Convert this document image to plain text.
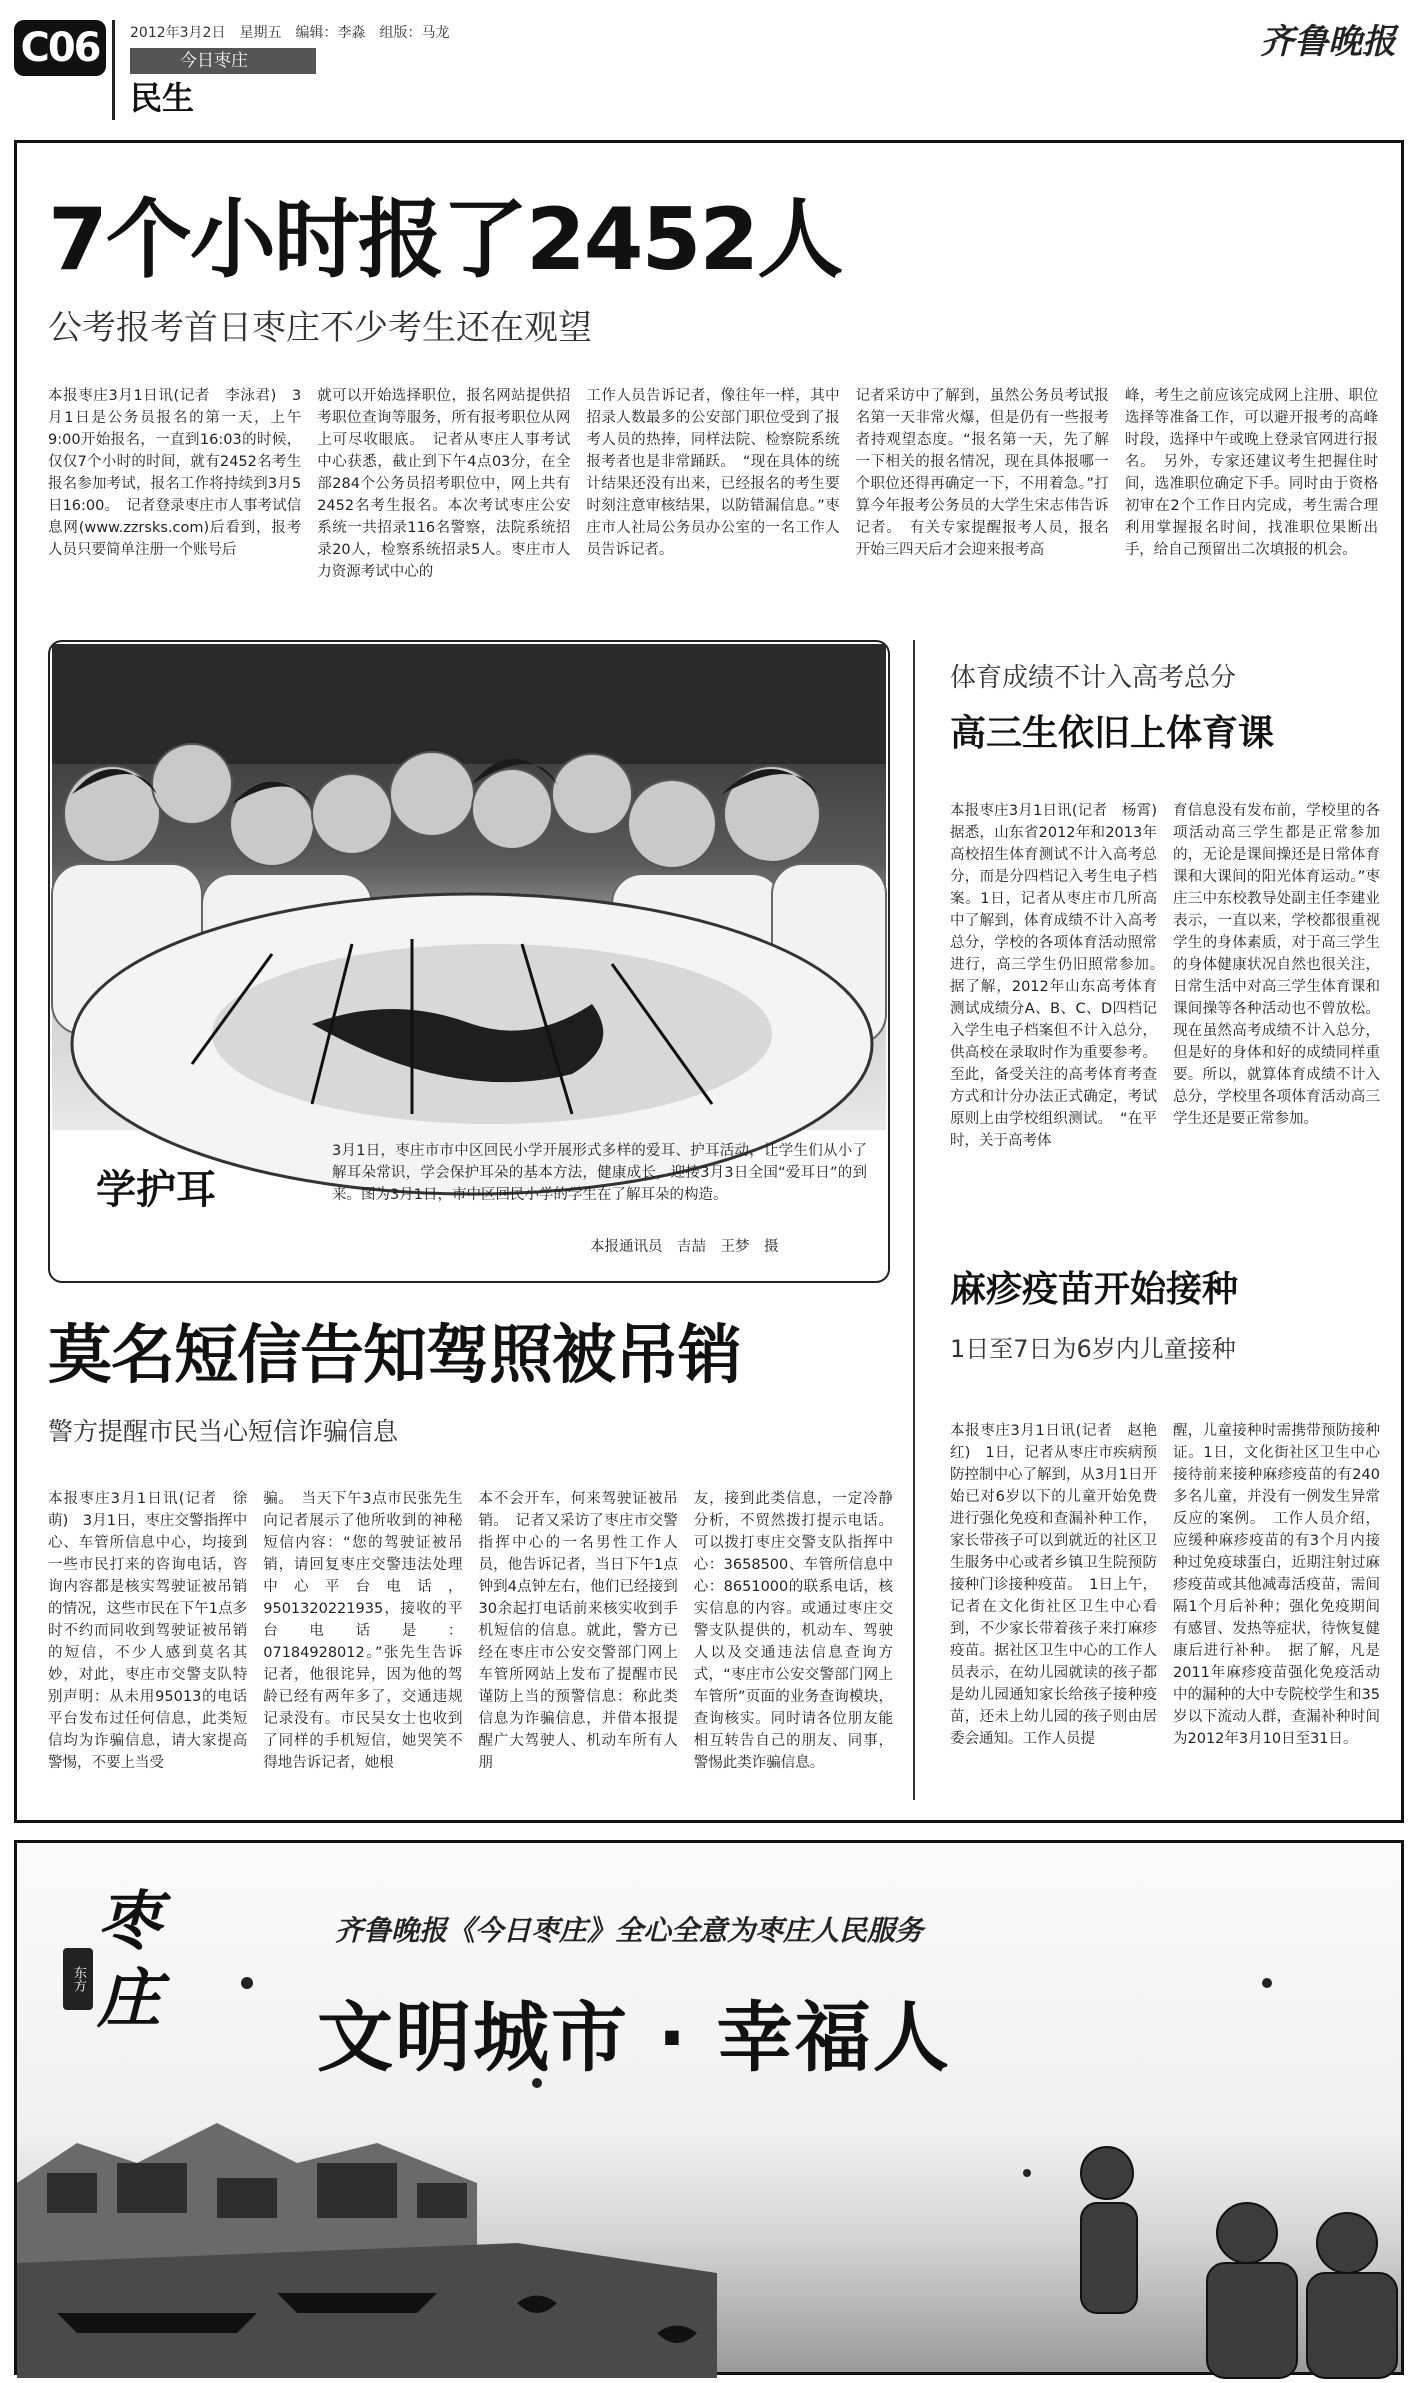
C06	2012年3月2日　星期五　编辑：李淼　组版：马龙
今日枣庄
民生
齐鲁晚报
7个小时报了2452人
公考报考首日枣庄不少考生还在观望

本报枣庄3月1日讯(记者　李泳君)　3月1日是公务员报名的第一天，上午9:00开始报名，一直到16:03的时候，仅仅7个小时的时间，就有2452名考生报名参加考试，报名工作将持续到3月5日16:00。　记者登录枣庄市人事考试信息网(www.zzrsks.com)后看到，报考人员只要简单注册一个账号后

就可以开始选择职位，报名网站提供招考职位查询等服务，所有报考职位从网上可尽收眼底。　记者从枣庄人事考试中心获悉，截止到下午4点03分，在全部284个公务员招考职位中，网上共有2452名考生报名。本次考试枣庄公安系统一共招录116名警察，法院系统招录20人，检察系统招录5人。枣庄市人力资源考试中心的

工作人员告诉记者，像往年一样，其中招录人数最多的公安部门职位受到了报考人员的热捧，同样法院、检察院系统报考者也是非常踊跃。　“现在具体的统计结果还没有出来，已经报名的考生要时刻注意审核结果，以防错漏信息。”枣庄市人社局公务员办公室的一名工作人员告诉记者。

记者采访中了解到，虽然公务员考试报名第一天非常火爆，但是仍有一些报考者持观望态度。“报名第一天，先了解一下相关的报名情况，现在具体报哪一个职位还得再确定一下，不用着急。”打算今年报考公务员的大学生宋志伟告诉记者。　有关专家提醒报考人员，报名开始三四天后才会迎来报考高

峰，考生之前应该完成网上注册、职位选择等准备工作，可以避开报考的高峰时段，选择中午或晚上登录官网进行报名。　另外，专家还建议考生把握住时间，选准职位确定下手。同时由于资格初审在2个工作日内完成，考生需合理利用掌握报名时间，找准职位果断出手，给自己预留出二次填报的机会。

学护耳
3月1日，枣庄市市中区回民小学开展形式多样的爱耳、护耳活动，让学生们从小了解耳朵常识，学会保护耳朵的基本方法，健康成长，迎接3月3日全国“爱耳日”的到来。图为3月1日，市中区回民小学的学生在了解耳朵的构造。
本报通讯员　吉喆　王梦　摄
体育成绩不计入高考总分
高三生依旧上体育课

本报枣庄3月1日讯(记者　杨霄)　据悉，山东省2012年和2013年高校招生体育测试不计入高考总分，而是分四档记入考生电子档案。1日，记者从枣庄市几所高中了解到，体育成绩不计入高考总分，学校的各项体育活动照常进行，高三学生仍旧照常参加。　据了解，2012年山东高考体育测试成绩分A、B、C、D四档记入学生电子档案但不计入总分，供高校在录取时作为重要参考。至此，备受关注的高考体育考查方式和计分办法正式确定，考试原则上由学校组织测试。　“在平时，关于高考体

育信息没有发布前，学校里的各项活动高三学生都是正常参加的，无论是课间操还是日常体育课和大课间的阳光体育运动。”枣庄三中东校教导处副主任李建业表示，一直以来，学校都很重视学生的身体素质，对于高三学生的身体健康状况自然也很关注，日常生活中对高三学生体育课和课间操等各种活动也不曾放松。现在虽然高考成绩不计入总分，但是好的身体和好的成绩同样重要。所以，就算体育成绩不计入总分，学校里各项体育活动高三学生还是要正常参加。

莫名短信告知驾照被吊销
警方提醒市民当心短信诈骗信息

本报枣庄3月1日讯(记者　徐萌)　3月1日，枣庄交警指挥中心、车管所信息中心，均接到一些市民打来的咨询电话，咨询内容都是核实驾驶证被吊销的情况，这些市民在下午1点多时不约而同收到驾驶证被吊销的短信，不少人感到莫名其妙，对此，枣庄市交警支队特别声明：从未用95013的电话平台发布过任何信息，此类短信均为诈骗信息，请大家提高警惕，不要上当受

骗。　当天下午3点市民张先生向记者展示了他所收到的神秘短信内容：“您的驾驶证被吊销，请回复枣庄交警违法处理中心平台电话，9501320221935，接收的平台电话是：07184928012。”张先生告诉记者，他很诧异，因为他的驾龄已经有两年多了，交通违规记录没有。市民吴女士也收到了同样的手机短信，她哭笑不得地告诉记者，她根

本不会开车，何来驾驶证被吊销。　记者又采访了枣庄市交警指挥中心的一名男性工作人员，他告诉记者，当日下午1点钟到4点钟左右，他们已经接到30余起打电话前来核实收到手机短信的信息。就此，警方已经在枣庄市公安交警部门网上车管所网站上发布了提醒市民谨防上当的预警信息：称此类信息为诈骗信息，并借本报提醒广大驾驶人、机动车所有人朋

友，接到此类信息，一定冷静分析，不贸然拨打提示电话。可以拨打枣庄交警支队指挥中心：3658500、车管所信息中心：8651000的联系电话，核实信息的内容。或通过枣庄交警支队提供的，机动车、驾驶人以及交通违法信息查询方式，“枣庄市公安交警部门网上车管所”页面的业务查询模块，查询核实。同时请各位朋友能相互转告自己的朋友、同事，警惕此类诈骗信息。

麻疹疫苗开始接种
1日至7日为6岁内儿童接种

本报枣庄3月1日讯(记者　赵艳红)　1日，记者从枣庄市疾病预防控制中心了解到，从3月1日开始已对6岁以下的儿童开始免费进行强化免疫和查漏补种工作，家长带孩子可以到就近的社区卫生服务中心或者乡镇卫生院预防接种门诊接种疫苗。　1日上午，记者在文化街社区卫生中心看到，不少家长带着孩子来打麻疹疫苗。据社区卫生中心的工作人员表示，在幼儿园就读的孩子都是幼儿园通知家长给孩子接种疫苗，还未上幼儿园的孩子则由居委会通知。工作人员提

醒，儿童接种时需携带预防接种证。1日，文化街社区卫生中心接待前来接种麻疹疫苗的有240多名儿童，并没有一例发生异常反应的案例。　工作人员介绍，应缓种麻疹疫苗的有3个月内接种过免疫球蛋白，近期注射过麻疹疫苗或其他减毒活疫苗，需间隔1个月后补种；强化免疫期间有感冒、发热等症状，待恢复健康后进行补种。　据了解，凡是2011年麻疹疫苗强化免疫活动中的漏种的大中专院校学生和35岁以下流动人群，查漏补种时间为2012年3月10日至31日。

枣庄
东方
齐鲁晚报《今日枣庄》全心全意为枣庄人民服务
文明城市 · 幸福人
